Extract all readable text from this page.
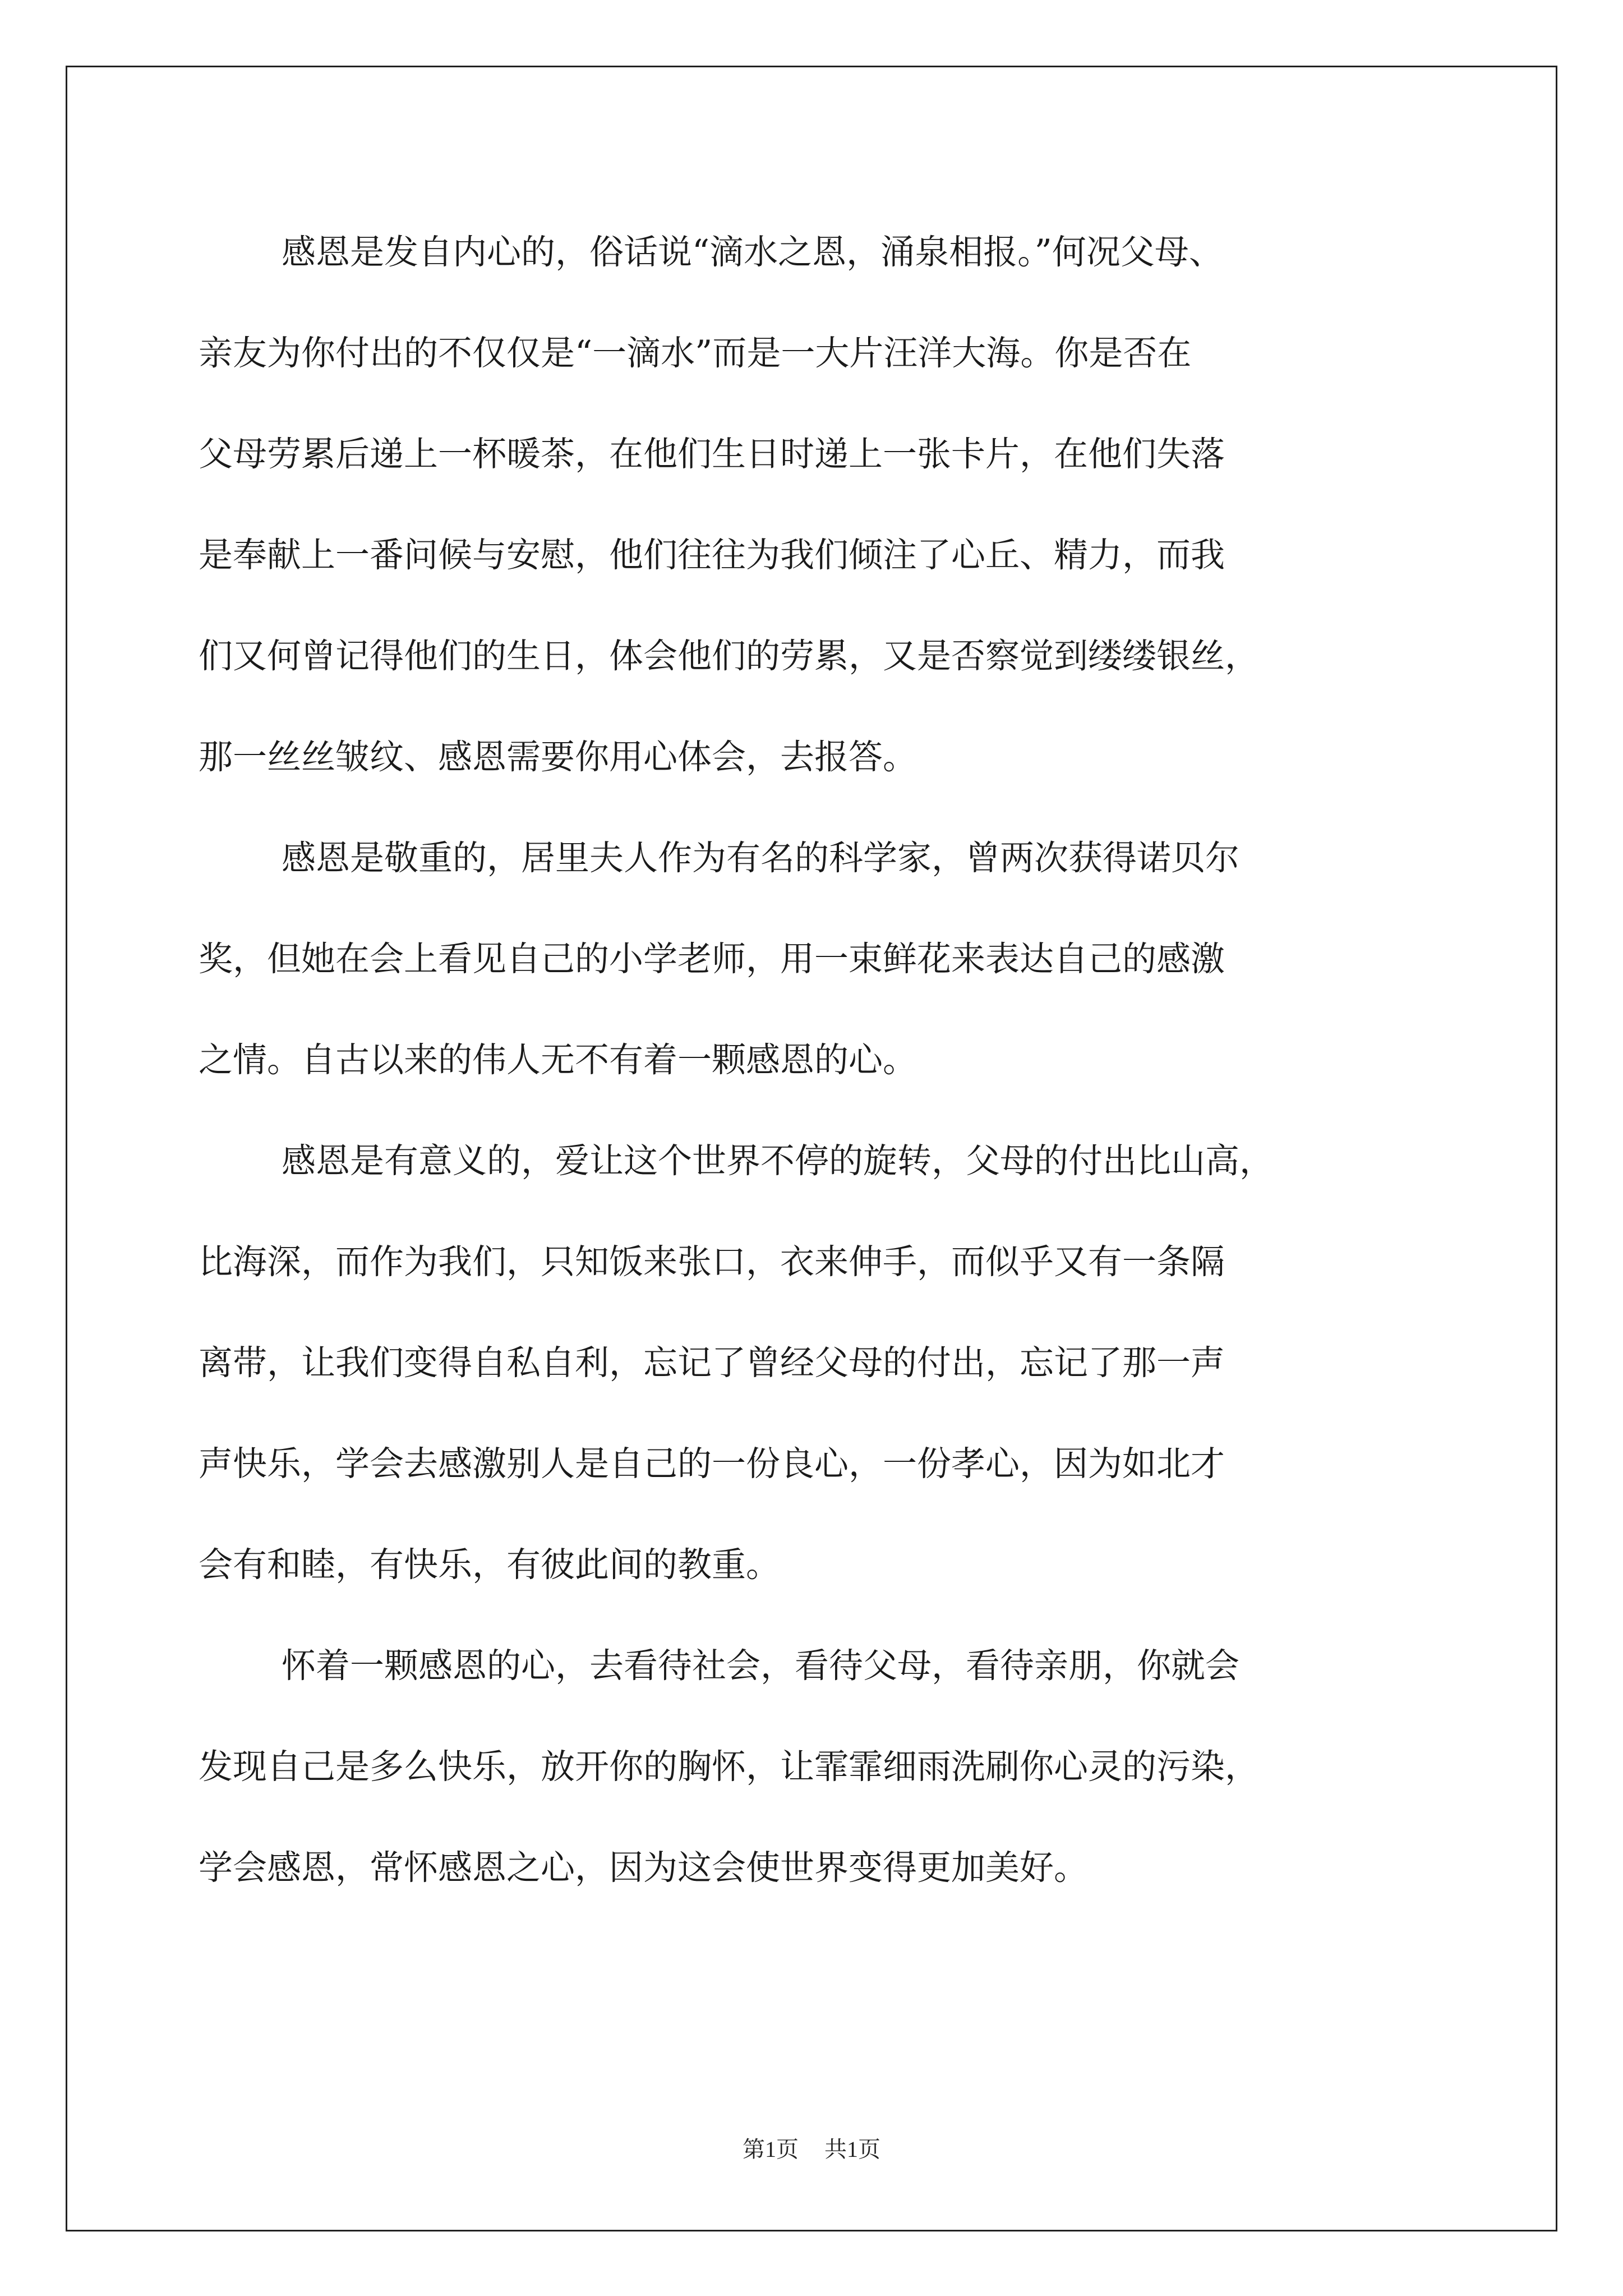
感恩是发自内心的，俗话说“滴水之恩，涌泉相报。”何况父母、
亲友为你付出的不仅仅是“一滴水”而是一大片汪洋大海。你是否在
父母劳累后递上一杯暖茶，在他们生日时递上一张卡片，在他们失落
是奉献上一番问候与安慰，他们往往为我们倾注了心丘、精力，而我
们又何曾记得他们的生日，体会他们的劳累，又是否察觉到缕缕银丝，
那一丝丝皱纹、感恩需要你用心体会，去报答。
感恩是敬重的，居里夫人作为有名的科学家，曾两次获得诺贝尔
奖，但她在会上看见自己的小学老师，用一束鲜花来表达自己的感激
之情。自古以来的伟人无不有着一颗感恩的心。
感恩是有意义的，爱让这个世界不停的旋转，父母的付出比山高，
比海深，而作为我们，只知饭来张口，衣来伸手，而似乎又有一条隔
离带，让我们变得自私自利，忘记了曾经父母的付出，忘记了那一声
声快乐，学会去感激别人是自己的一份良心，一份孝心，因为如北才
会有和睦，有快乐，有彼此间的教重。
怀着一颗感恩的心，去看待社会，看待父母，看待亲朋，你就会
发现自己是多么快乐，放开你的胸怀，让霏霏细雨洗刷你心灵的污染，
学会感恩，常怀感恩之心，因为这会使世界变得更加美好。
第1页 共1页
